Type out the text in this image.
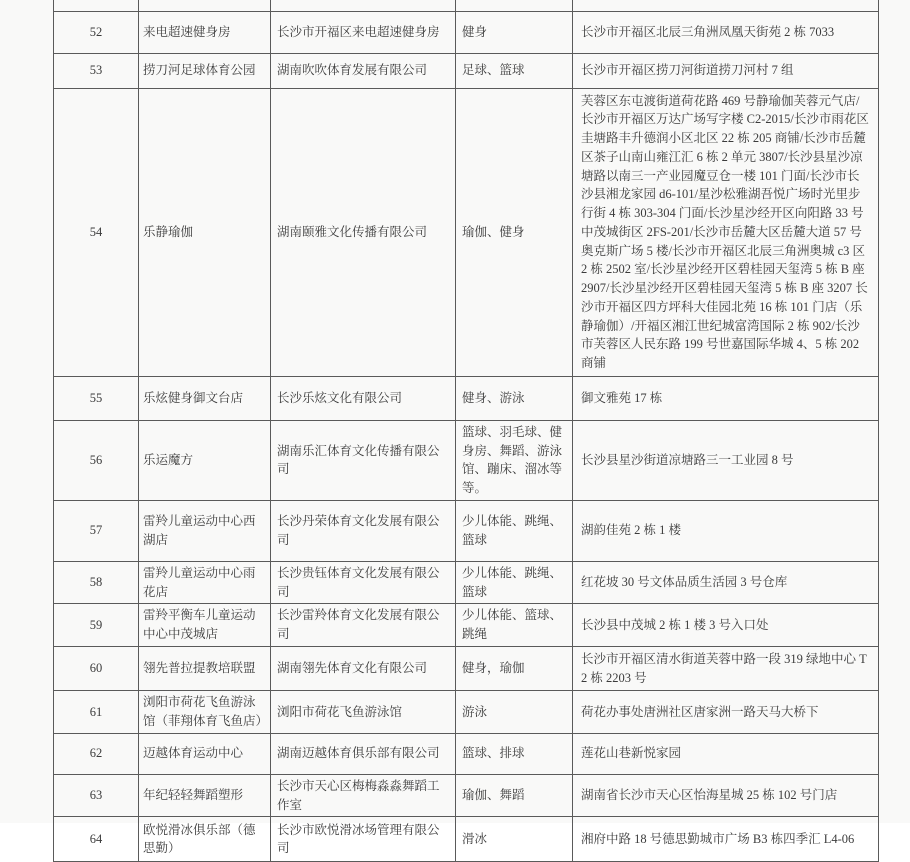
52	来电超速健身房	长沙市开福区来电超速健身房	健身	长沙市开福区北辰三角洲凤凰天街苑 2 栋 7033
53	捞刀河足球体育公园	湖南吹吹体育发展有限公司	足球、篮球	长沙市开福区捞刀河街道捞刀河村 7 组
54	乐静瑜伽	湖南颐雅文化传播有限公司	瑜伽、健身	芙蓉区东屯渡街道荷花路 469 号静瑜伽芙蓉元气店/长沙市开福区万达广场写字楼 C2-2015/长沙市雨花区圭塘路丰升德润小区北区 22 栋 205 商铺/长沙市岳麓区茶子山南山雍江汇 6 栋 2 单元 3807/长沙县星沙凉塘路以南三一产业园魔豆仓一楼 101 门面/长沙市长沙县湘龙家园 d6-101/星沙松雅湖吾悦广场时光里步行街 4 栋 303-304 门面/长沙星沙经开区向阳路 33 号中茂城街区 2FS-201/长沙市岳麓大区岳麓大道 57 号奥克斯广场 5 楼/长沙市开福区北辰三角洲奥城 c3 区 2 栋 2502 室/长沙星沙经开区碧桂园天玺湾 5 栋 B 座 2907/长沙星沙经开区碧桂园天玺湾 5 栋 B 座 3207 长沙市开福区四方坪科大佳园北苑 16 栋 101 门店（乐静瑜伽）/开福区湘江世纪城富湾国际 2 栋 902/长沙市芙蓉区人民东路 199 号世嘉国际华城 4、5 栋 202 商铺
55	乐炫健身御文台店	长沙乐炫文化有限公司	健身、游泳	御文雅苑 17 栋
56	乐运魔方	湖南乐汇体育文化传播有限公司	篮球、羽毛球、健身房、舞蹈、游泳馆、蹦床、溜冰等等。	长沙县星沙街道凉塘路三一工业园 8 号
57	雷羚儿童运动中心西湖店	长沙丹荣体育文化发展有限公司	少儿体能、跳绳、篮球	湖韵佳苑 2 栋 1 楼
58	雷羚儿童运动中心雨花店	长沙贵钰体育文化发展有限公司	少儿体能、跳绳、篮球	红花坡 30 号文体品质生活园 3 号仓库
59	雷羚平衡车儿童运动中心中茂城店	长沙雷羚体育文化发展有限公司	少儿体能、篮球、跳绳	长沙县中茂城 2 栋 1 楼 3 号入口处
60	翎先普拉提教培联盟	湖南翎先体育文化有限公司	健身，瑜伽	长沙市开福区清水街道芙蓉中路一段 319 绿地中心 T2 栋 2203 号
61	浏阳市荷花飞鱼游泳馆（菲翔体育飞鱼店）	浏阳市荷花飞鱼游泳馆	游泳	荷花办事处唐洲社区唐家洲一路天马大桥下
62	迈越体育运动中心	湖南迈越体育俱乐部有限公司	篮球、排球	莲花山巷新悦家园
63	年纪轻轻舞蹈塑形	长沙市天心区梅梅淼淼舞蹈工作室	瑜伽、舞蹈	湖南省长沙市天心区怡海星城 25 栋 102 号门店
64	欧悦滑冰俱乐部（德思勤）	长沙市欧悦滑冰场管理有限公司	滑冰	湘府中路 18 号德思勤城市广场 B3 栋四季汇 L4-06
